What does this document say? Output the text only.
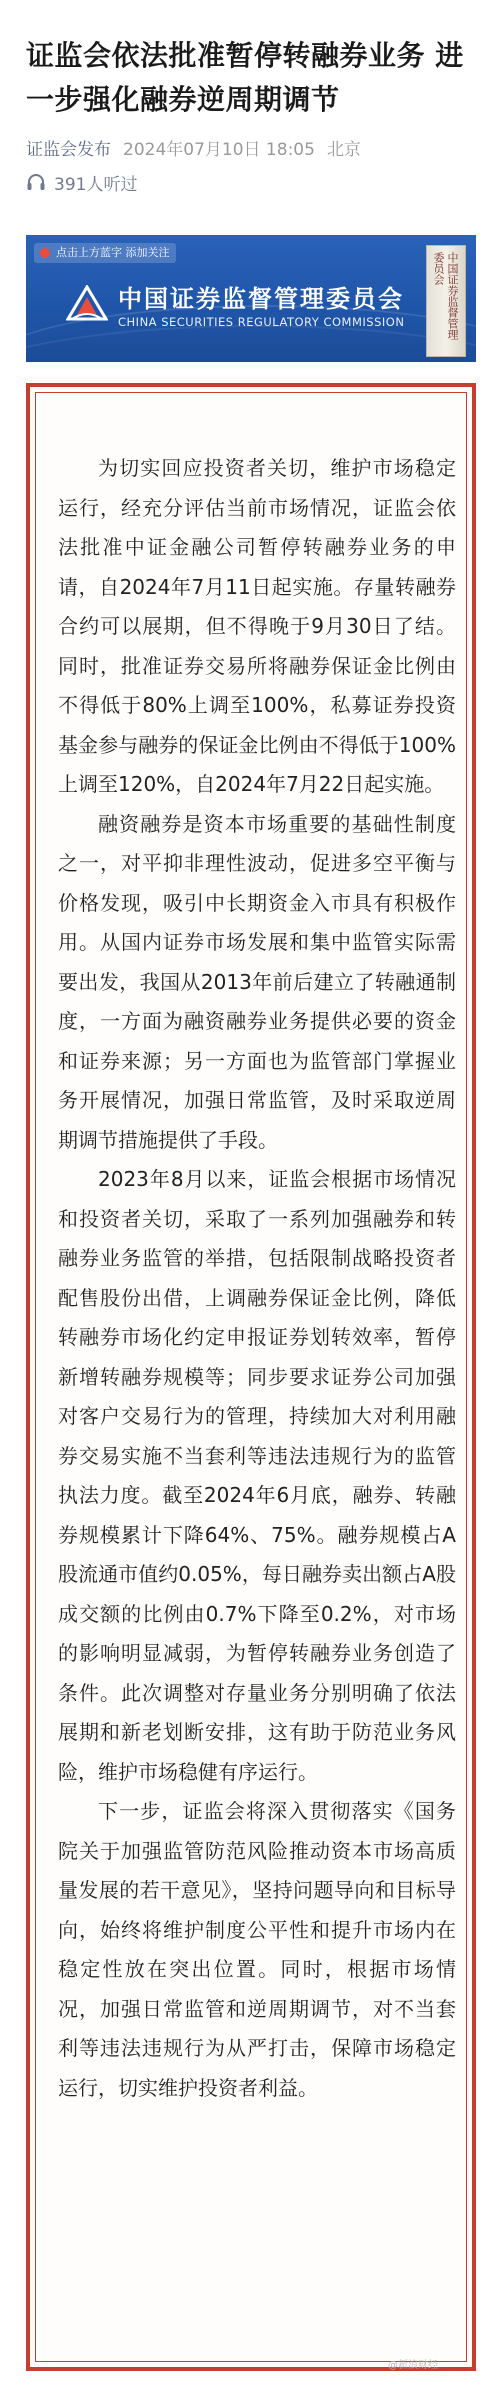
证监会依法批准暂停转融券业务 进一步强化融券逆周期调节
证监会发布 2024年07月10日 18:05 北京
391人听过
点击上方蓝字 添加关注
中国证券监督管理委员会
CHINA SECURITIES REGULATORY COMMISSION	中国证券监督管理委员会

为切实回应投资者关切，维护市场稳定运行，经充分评估当前市场情况，证监会依法批准中证金融公司暂停转融券业务的申请，自2024年7月11日起实施。存量转融券合约可以展期，但不得晚于9月30日了结。同时，批准证券交易所将融券保证金比例由不得低于80%上调至100%，私募证券投资基金参与融券的保证金比例由不得低于100%上调至120%，自2024年7月22日起实施。

融资融券是资本市场重要的基础性制度之一，对平抑非理性波动，促进多空平衡与价格发现，吸引中长期资金入市具有积极作用。从国内证券市场发展和集中监管实际需要出发，我国从2013年前后建立了转融通制度，一方面为融资融券业务提供必要的资金和证券来源；另一方面也为监管部门掌握业务开展情况，加强日常监管，及时采取逆周期调节措施提供了手段。

2023年8月以来，证监会根据市场情况和投资者关切，采取了一系列加强融券和转融券业务监管的举措，包括限制战略投资者配售股份出借，上调融券保证金比例，降低转融券市场化约定申报证券划转效率，暂停新增转融券规模等；同步要求证券公司加强对客户交易行为的管理，持续加大对利用融券交易实施不当套利等违法违规行为的监管执法力度。截至2024年6月底，融券、转融券规模累计下降64%、75%。融券规模占A股流通市值约0.05%，每日融券卖出额占A股成交额的比例由0.7%下降至0.2%，对市场的影响明显减弱，为暂停转融券业务创造了条件。此次调整对存量业务分别明确了依法展期和新老划断安排，这有助于防范业务风险，维护市场稳健有序运行。

下一步，证监会将深入贯彻落实《国务院关于加强监管防范风险推动资本市场高质量发展的若干意见》，坚持问题导向和目标导向，始终将维护制度公平性和提升市场内在稳定性放在突出位置。同时，根据市场情况，加强日常监管和逆周期调节，对不当套利等违法违规行为从严打击，保障市场稳定运行，切实维护投资者利益。

@新浪财经
